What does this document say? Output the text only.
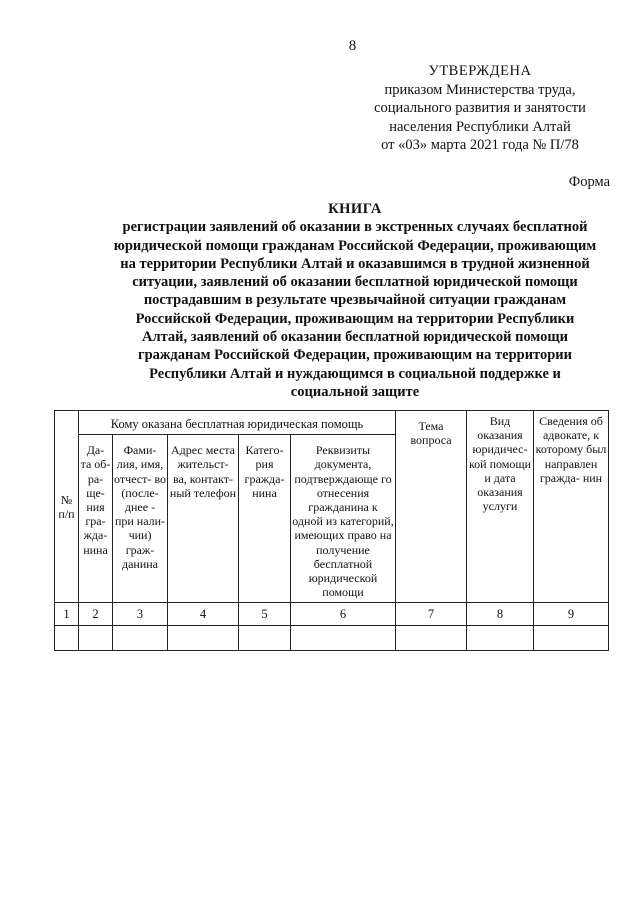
8
УТВЕРЖДЕНА
приказом Министерства труда,
социального развития и занятости
населения Республики Алтай
от «03» марта 2021 года № П/78
Форма
КНИГА
регистрации заявлений об оказании в экстренных случаях бесплатной
юридической помощи гражданам Российской Федерации, проживающим
на территории Республики Алтай и оказавшимся в трудной жизненной
ситуации, заявлений об оказании бесплатной юридической помощи
пострадавшим в результате чрезвычайной ситуации гражданам
Российской Федерации, проживающим на территории Республики
Алтай, заявлений об оказании бесплатной юридической помощи
гражданам Российской Федерации, проживающим на территории
Республики Алтай и нуждающимся в социальной поддержке и
социальной защите
№ п/п	Кому оказана бесплатная юридическая помощь					Тема вопроса	Вид оказания юридичес- кой помощи и дата оказания услуги	Сведения об адвокате, к которому был направлен гражда- нин
	Да- та об- ра- ще- ния гра- жда- нина	Фами- лия, имя, отчест- во (после- днее - при нали- чии) граж- данина	Адрес места жительст- ва, контакт- ный телефон	Катего- рия гражда- нина	Реквизиты документа, подтверждающе го отнесения гражданина к одной из категорий, имеющих право на получение бесплатной юридической помощи			
1	2	3	4	5	6	7	8	9
